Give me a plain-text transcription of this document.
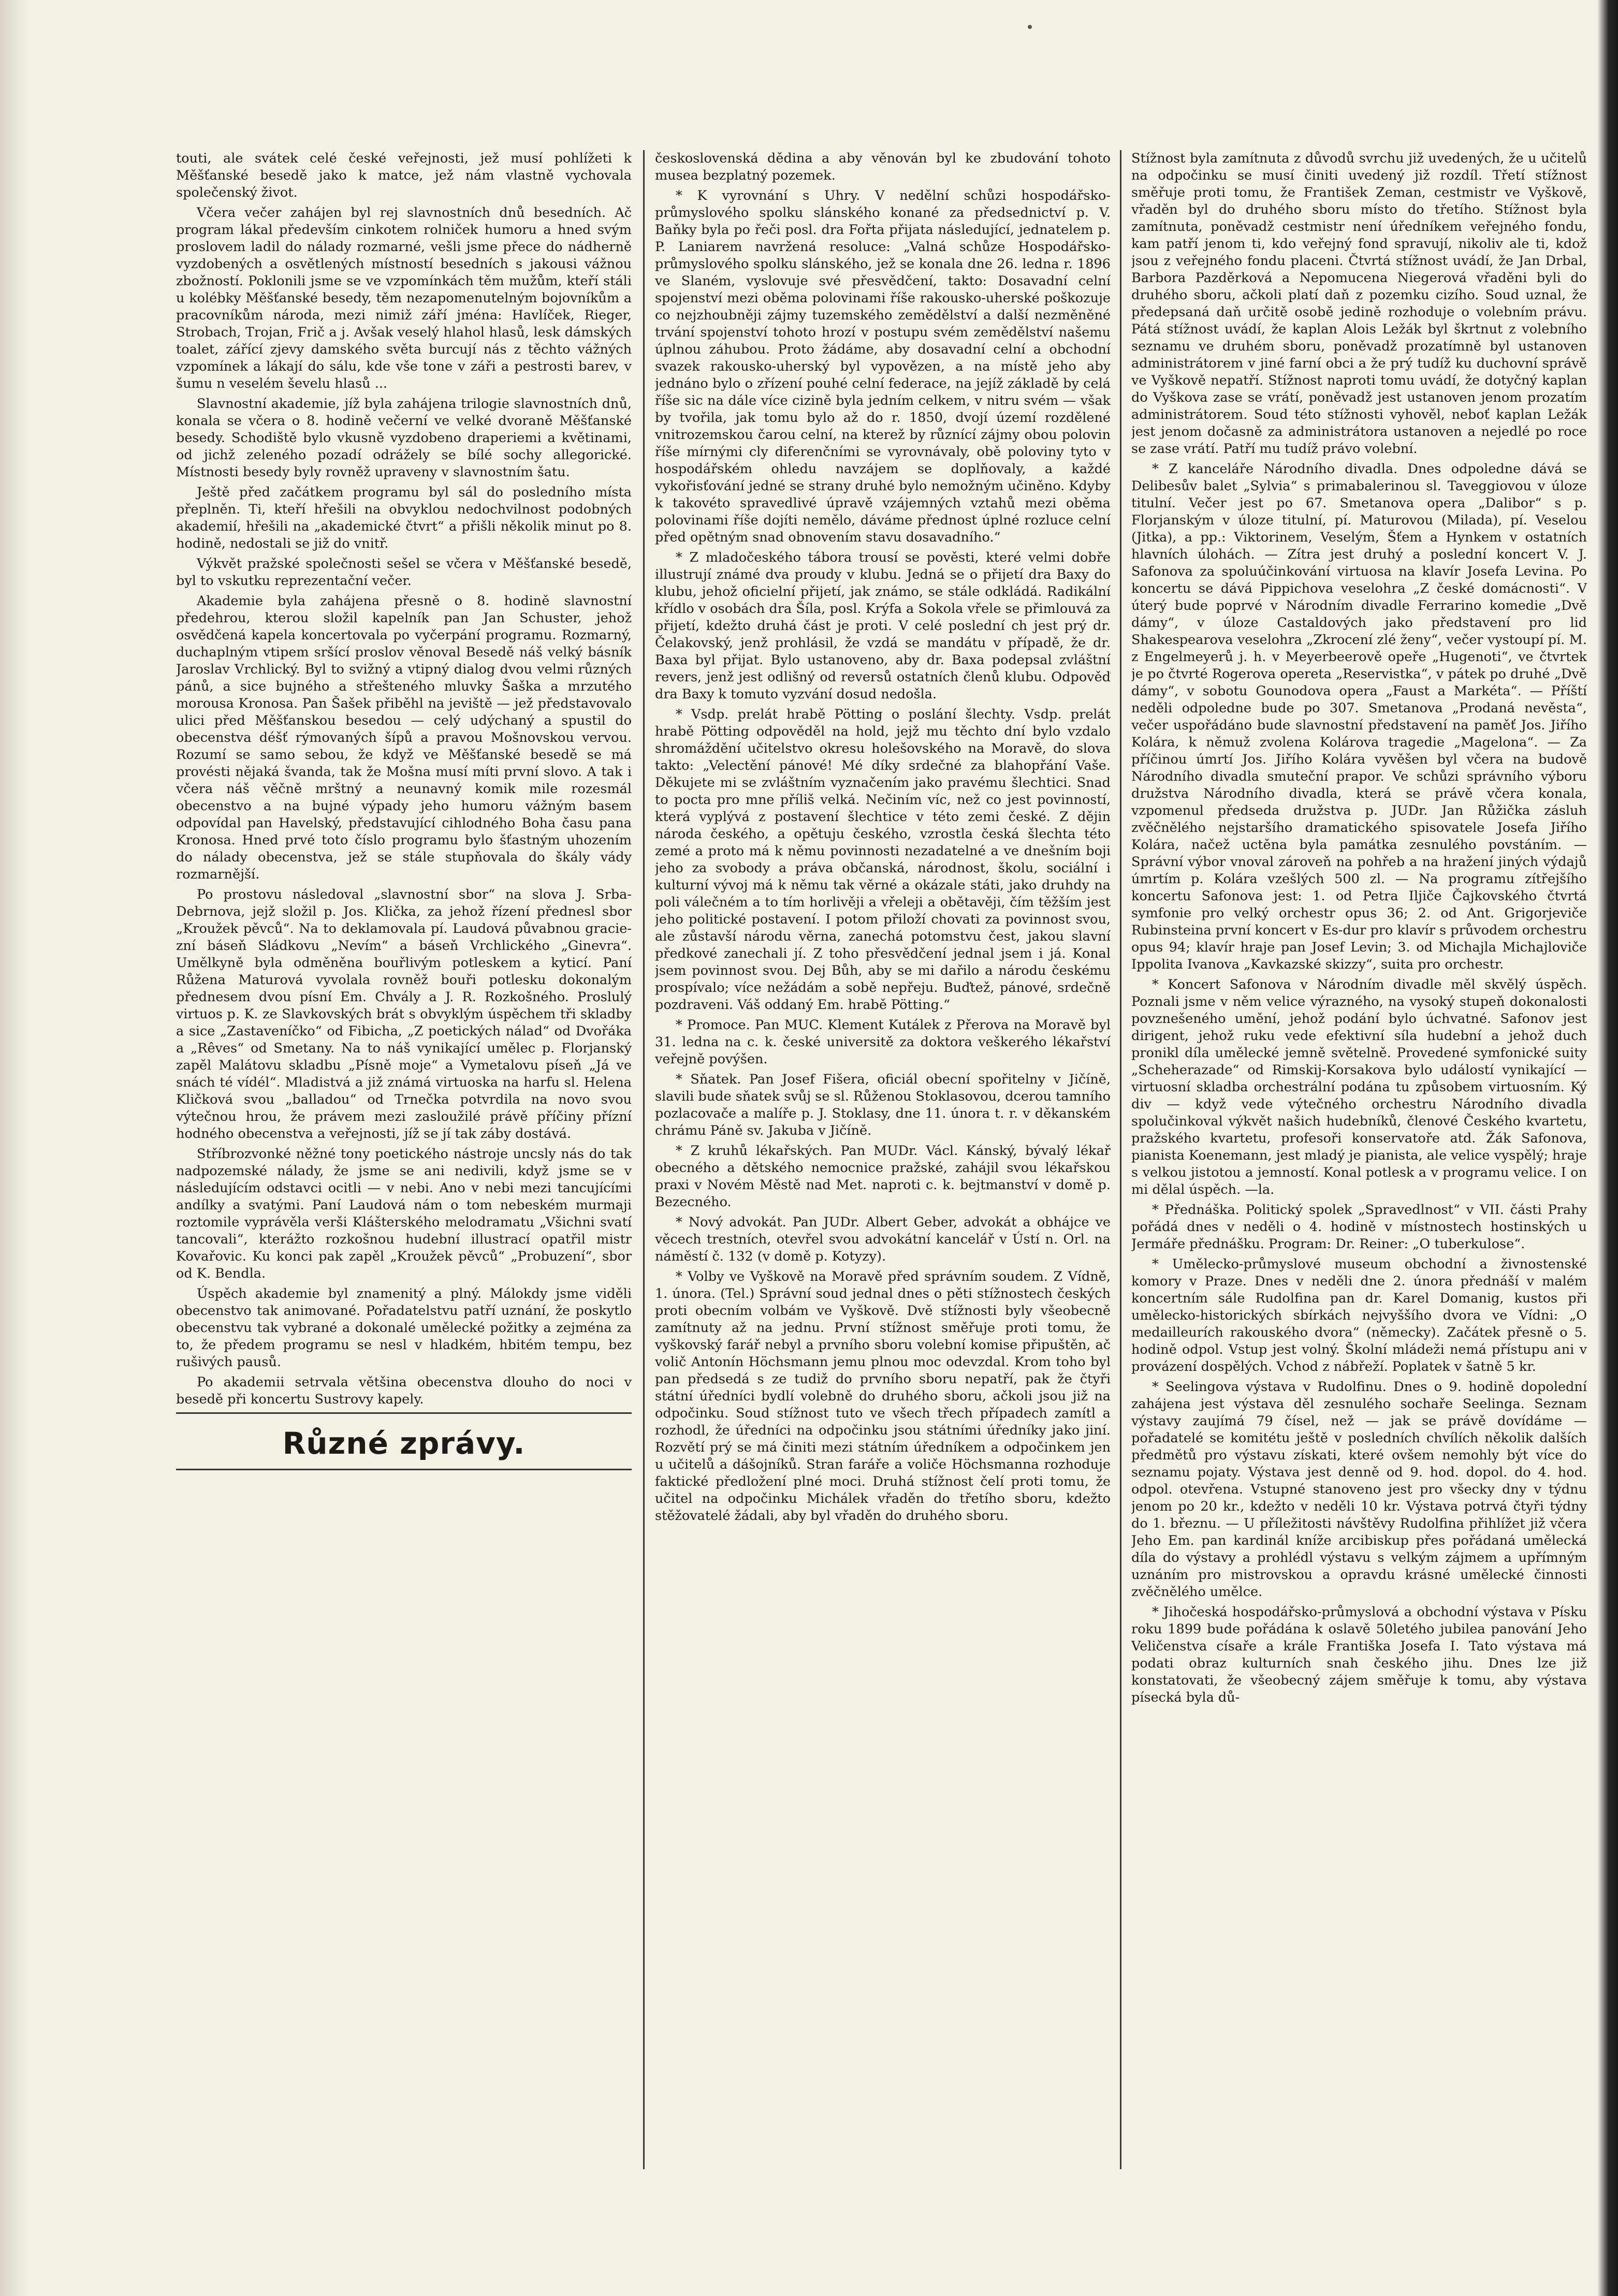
touti, ale svátek celé české veřejnosti, jež musí pohlížeti k Měšťanské besedě jako k matce, jež nám vlastně vychovala společenský život.

Včera večer zahájen byl rej slavnostních dnů besedních. Ač program lákal především cinkotem rolniček humoru a hned svým proslovem ladil do nálady rozmarné, vešli jsme přece do nádherně vyzdobených a osvětlených místností besedních s jakousi vážnou zbožností. Poklonili jsme se ve vzpomínkách těm mužům, kteří stáli u kolébky Měšťanské besedy, těm nezapomenutelným bojovníkům a pracovníkům národa, mezi nimiž září jména: Havlíček, Rieger, Strobach, Trojan, Frič a j. Avšak veselý hlahol hlasů, lesk dámských toalet, zářící zjevy damského světa burcují nás z těchto vážných vzpomínek a lákají do sálu, kde vše tone v záři a pestrosti barev, v šumu n veselém ševelu hlasů ...

Slavnostní akademie, jíž byla zahájena trilogie slavnostních dnů, konala se včera o 8. hodině večerní ve velké dvoraně Měšťanské besedy. Schodiště bylo vkusně vyzdobeno draperiemi a květinami, od jichž zeleného pozadí odrážely se bílé sochy allegorické. Místnosti besedy byly rovněž upraveny v slavnostním šatu.

Ještě před začátkem programu byl sál do posledního místa přeplněn. Ti, kteří hřešili na obvyklou nedochvilnost podobných akademií, hřešili na „akademické čtvrt“ a přišli několik minut po 8. hodině, nedostali se již do vnitř.

Výkvět pražské společnosti sešel se včera v Měšťanské besedě, byl to vskutku reprezentační večer.

Akademie byla zahájena přesně o 8. hodině slavnostní předehrou, kterou složil kapelník pan Jan Schuster, jehož osvědčená kapela koncertovala po vyčerpání programu. Rozmarný, duchaplným vtipem sršící proslov věnoval Besedě náš velký básník Jaroslav Vrchlický. Byl to svižný a vtipný dialog dvou velmi různých pánů, a sice bujného a střešteného mluvky Šaška a mrzutého morousa Kronosa. Pan Šašek přiběhl na jeviště — jež představovalo ulici před Měšťanskou besedou — celý udýchaný a spustil do obecenstva déšť rýmovaných šípů a pravou Mošnovskou vervou. Rozumí se samo sebou, že když ve Měšťanské besedě se má provésti nějaká švanda, tak že Mošna musí míti první slovo. A tak i včera náš věčně mrštný a neunavný komik mile rozesmál obecenstvo a na bujné výpady jeho humoru vážným basem odpovídal pan Havelský, představující cihlodného Boha času pana Kronosa. Hned prvé toto číslo programu bylo šťastným uhozením do nálady obecenstva, jež se stále stupňovala do škály vády rozmarnější.

Po prostovu následoval „slavnostní sbor“ na slova J. Srba-Debrnova, jejž složil p. Jos. Klička, za jehož řízení přednesl sbor „Kroužek pěvců“. Na to deklamovala pí. Laudová půvabnou graciezní báseň Sládkovu „Nevím“ a báseň Vrchlického „Ginevra“. Umělkyně byla odměněna bouřlivým potleskem a kyticí. Paní Růžena Maturová vyvolala rovněž bouři potlesku dokonalým přednesem dvou písní Em. Chvály a J. R. Rozkošného. Proslulý virtuos p. K. ze Slavkovských brát s obvyklým úspěchem tři skladby a sice „Zastaveníčko“ od Fibicha, „Z poetických nálad“ od Dvořáka a „Rêves“ od Smetany. Na to náš vynikající umělec p. Florjanský zapěl Malátovu skladbu „Písně moje“ a Vymetalovu píseň „Já ve snách té vídél“. Mladistvá a již známá virtuoska na harfu sl. Helena Kličková svou „balladou“ od Trnečka potvrdila na novo svou výtečnou hrou, že právem mezi zasloužilé právě příčiny přízní hodného obecenstva a veřejnosti, jíž se jí tak záby dostává.

Stříbrozvonké něžné tony poetického nástroje uncsly nás do tak nadpozemské nálady, že jsme se ani nedivili, když jsme se v následujícím odstavci ocitli — v nebi. Ano v nebi mezi tancujícími andílky a svatými. Paní Laudová nám o tom nebeském murmaji roztomile vyprávěla verši Klášterského melodramatu „Všichni svatí tancovali“, kterážto rozkošnou hudební illustrací opatřil mistr Kovařovic. Ku konci pak zapěl „Kroužek pěvců“ „Probuzení“, sbor od K. Bendla.

Úspěch akademie byl znamenitý a plný. Málokdy jsme viděli obecenstvo tak animované. Pořadatelstvu patří uznání, že poskytlo obecenstvu tak vybrané a dokonalé umělecké požitky a zejména za to, že předem programu se nesl v hladkém, hbitém tempu, bez rušivých pausů.

Po akademii setrvala většina obecenstva dlouho do noci v besedě při koncertu Sustrovy kapely.

Různé zprávy.

československá dědina a aby věnován byl ke zbudování tohoto musea bezplatný pozemek.

* K vyrovnání s Uhry. V nedělní schůzi hospodářsko-průmyslového spolku slánského konané za předsednictví p. V. Baňky byla po řeči posl. dra Fořta přijata následující, jednatelem p. P. Laniarem navržená resoluce: „Valná schůze Hospodářsko-průmyslového spolku slánského, jež se konala dne 26. ledna r. 1896 ve Slaném, vyslovuje své přesvědčení, takto: Dosavadní celní spojenství mezi oběma polovinami říše rakousko-uherské poškozuje co nejzhoubněji zájmy tuzemského zemědělství a další nezměněné trvání spojenství tohoto hrozí v postupu svém zemědělství našemu úplnou záhubou. Proto žádáme, aby dosavadní celní a obchodní svazek rakousko-uherský byl vypovězen, a na místě jeho aby jednáno bylo o zřízení pouhé celní federace, na jejíž základě by celá říše sic na dále více cizině byla jedním celkem, v nitru svém — však by tvořila, jak tomu bylo až do r. 1850, dvojí území rozdělené vnitrozemskou čarou celní, na kterež by různící zájmy obou polovin říše mírnými cly diferenčními se vyrovnávaly, obě poloviny tyto v hospodářském ohledu navzájem se doplňovaly, a každé vykořisťování jedné se strany druhé bylo nemožným učiněno. Kdyby k takovéto spravedlivé úpravě vzájemných vztahů mezi oběma polovinami říše dojíti nemělo, dáváme přednost úplné rozluce celní před opětným snad obnovením stavu dosavadního.“

* Z mladočeského tábora trousí se pověsti, které velmi dobře illustrují známé dva proudy v klubu. Jedná se o přijetí dra Baxy do klubu, jehož oficielní přijetí, jak známo, se stále odkládá. Radikální křídlo v osobách dra Šíla, posl. Krýfa a Sokola vřele se přimlouvá za přijetí, kdežto druhá část je proti. V celé poslední ch jest prý dr. Čelakovský, jenž prohlásil, že vzdá se mandátu v případě, že dr. Baxa byl přijat. Bylo ustanoveno, aby dr. Baxa podepsal zvláštní revers, jenž jest odlišný od reversů ostatních členů klubu. Odpověď dra Baxy k tomuto vyzvání dosud nedošla.

* Vsdp. prelát hrabě Pötting o poslání šlechty. Vsdp. prelát hrabě Pötting odpověděl na hold, jejž mu těchto dní bylo vzdalo shromáždění učitelstvo okresu holešovského na Moravě, do slova takto: „Velectění pánové! Mé díky srdečné za blahopřání Vaše. Děkujete mi se zvláštním vyznačením jako pravému šlechtici. Snad to pocta pro mne příliš velká. Nečiním víc, než co jest povinností, která vyplývá z postavení šlechtice v této zemi české. Z dějin národa českého, a opětuju českého, vzrostla česká šlechta této zemé a proto má k němu povinnosti nezadatelné a ve dnešním boji jeho za svobody a práva občanská, národnost, školu, sociální i kulturní vývoj má k němu tak věrné a okázale státi, jako druhdy na poli válečném a to tím horlivěji a vřeleji a obětavěji, čím těžším jest jeho politické postavení. I potom přiloží chovati za povinnost svou, ale zůstavší národu věrna, zanechá potomstvu čest, jakou slavní předkové zanechali jí. Z toho přesvědčení jednal jsem i já. Konal jsem povinnost svou. Dej Bůh, aby se mi dařilo a národu českému prospívalo; více nežádám a sobě nepřeju. Buďtež, pánové, srdečně pozdraveni. Váš oddaný Em. hrabě Pötting.“

* Promoce. Pan MUC. Klement Kutálek z Přerova na Moravě byl 31. ledna na c. k. české universitě za doktora veškerého lékařství veřejně povýšen.

* Sňatek. Pan Josef Fišera, oficiál obecní spořitelny v Jičíně, slavili bude sňatek svůj se sl. Růženou Stoklasovou, dcerou tamního pozlacovače a malíře p. J. Stoklasy, dne 11. února t. r. v děkanském chrámu Páně sv. Jakuba v Jičíně.

* Z kruhů lékařských. Pan MUDr. Václ. Kánský, bývalý lékař obecného a dětského nemocnice pražské, zahájil svou lékařskou praxi v Novém Městě nad Met. naproti c. k. bejtmanství v domě p. Bezecného.

* Nový advokát. Pan JUDr. Albert Geber, advokát a obhájce ve věcech trestních, otevřel svou advokátní kancelář v Ústí n. Orl. na náměstí č. 132 (v domě p. Kotyzy).

* Volby ve Vyškově na Moravě před správním soudem. Z Vídně, 1. února. (Tel.) Správní soud jednal dnes o pěti stížnostech českých proti obecním volbám ve Vyškově. Dvě stížnosti byly všeobecně zamítnuty až na jednu. První stížnost směřuje proti tomu, že vyškovský farář nebyl a prvního sboru volební komise připuštěn, ač volič Antonín Höchsmann jemu plnou moc odevzdal. Krom toho byl pan předsedá s ze tudiž do prvního sboru nepatří, pak že čtyři státní úředníci bydlí volebně do druhého sboru, ačkoli jsou již na odpočinku. Soud stížnost tuto ve všech třech případech zamítl a rozhodl, že úředníci na odpočinku jsou státními úředníky jako jiní. Rozvětí prý se má činiti mezi státním úředníkem a odpočinkem jen u učitelů a dášojníků. Stran faráře a voliče Höchsmanna rozhoduje faktické předložení plné moci. Druhá stížnost čelí proti tomu, že učitel na odpočinku Michálek vřaděn do třetího sboru, kdežto stěžovatelé žádali, aby byl vřaděn do druhého sboru.

Stížnost byla zamítnuta z důvodů svrchu již uvedených, že u učitelů na odpočinku se musí činiti uvedený již rozdíl. Třetí stížnost směřuje proti tomu, že František Zeman, cestmistr ve Vyškově, vřaděn byl do druhého sboru místo do třetího. Stížnost byla zamítnuta, poněvadž cestmistr není úředníkem veřejného fondu, kam patří jenom ti, kdo veřejný fond spravují, nikoliv ale ti, kdož jsou z veřejného fondu placeni. Čtvrtá stížnost uvádí, že Jan Drbal, Barbora Pazděrková a Nepomucena Niegerová vřaděni byli do druhého sboru, ačkoli platí daň z pozemku cizího. Soud uznal, že předepsaná daň určitě osobě jedině rozhoduje o volebním právu. Pátá stížnost uvádí, že kaplan Alois Ležák byl škrtnut z volebního seznamu ve druhém sboru, poněvadž prozatímně byl ustanoven administrátorem v jiné farní obci a že prý tudíž ku duchovní správě ve Vyškově nepatří. Stížnost naproti tomu uvádí, že dotyčný kaplan do Vyškova zase se vrátí, poněvadž jest ustanoven jenom prozatím administrátorem. Soud této stížnosti vyhověl, neboť kaplan Ležák jest jenom dočasně za administrátora ustanoven a nejedlé po roce se zase vrátí. Patří mu tudíž právo volební.

* Z kanceláře Národního divadla. Dnes odpoledne dává se Delibesův balet „Sylvia“ s primabalerinou sl. Taveggiovou v úloze titulní. Večer jest po 67. Smetanova opera „Dalibor“ s p. Florjanským v úloze titulní, pí. Maturovou (Milada), pí. Veselou (Jitka), a pp.: Viktorinem, Veselým, Šťem a Hynkem v ostatních hlavních úlohách. — Zítra jest druhý a poslední koncert V. J. Safonova za spoluúčinkování virtuosa na klavír Josefa Levina. Po koncertu se dává Pippichova veselohra „Z české domácnosti“. V úterý bude poprvé v Národním divadle Ferrarino komedie „Dvě dámy“, v úloze Castaldových jako představení pro lid Shakespearova veselohra „Zkrocení zlé ženy“, večer vystoupí pí. M. z Engelmeyerů j. h. v Meyerbeerově opeře „Hugenoti“, ve čtvrtek je po čtvrté Rogerova opereta „Reservistka“, v pátek po druhé „Dvě dámy“, v sobotu Gounodova opera „Faust a Markéta“. — Příští neděli odpoledne bude po 307. Smetanova „Prodaná nevěsta“, večer uspořádáno bude slavnostní představení na paměť Jos. Jiřího Kolára, k němuž zvolena Kolárova tragedie „Magelona“. — Za příčinou úmrtí Jos. Jiřího Kolára vyvěšen byl včera na budově Národního divadla smuteční prapor. Ve schůzi správního výboru družstva Národního divadla, která se právě včera konala, vzpomenul předseda družstva p. JUDr. Jan Růžička zásluh zvěčnělého nejstaršího dramatického spisovatele Josefa Jiřího Kolára, načež uctěna byla památka zesnulého povstáním. — Správní výbor vnoval zároveň na pohřeb a na hražení jiných výdajů úmrtím p. Kolára vzešlých 500 zl. — Na programu zítřejšího koncertu Safonova jest: 1. od Petra Iljiče Čajkovského čtvrtá symfonie pro velký orchestr opus 36; 2. od Ant. Grigorjeviče Rubinsteina první koncert v Es-dur pro klavír s průvodem orchestru opus 94; klavír hraje pan Josef Levin; 3. od Michajla Michajloviče Ippolita Ivanova „Kavkazské skizzy“, suita pro orchestr.

* Koncert Safonova v Národním divadle měl skvělý úspěch. Poznali jsme v něm velice výrazného, na vysoký stupeň dokonalosti povznešeného umění, jehož podání bylo úchvatné. Safonov jest dirigent, jehož ruku vede efektivní síla hudební a jehož duch pronikl díla umělecké jemně světelně. Provedené symfonické suity „Scheherazade“ od Rimskij-Korsakova bylo událostí vynikající — virtuosní skladba orchestrální podána tu způsobem virtuosním. Ký div — když vede výtečného orchestru Národního divadla spolučinkoval výkvět našich hudebníků, členové Českého kvartetu, pražského kvartetu, profesoři konservatoře atd. Žák Safonova, pianista Koenemann, jest mladý je pianista, ale velice vyspělý; hraje s velkou jistotou a jemností. Konal potlesk a v programu velice. I on mi dělal úspěch. —la.

* Přednáška. Politický spolek „Spravedlnost“ v VII. části Prahy pořádá dnes v neděli o 4. hodině v místnostech hostinských u Jermáře přednášku. Program: Dr. Reiner: „O tuberkulose“.

* Umělecko-průmyslové museum obchodní a živnostenské komory v Praze. Dnes v neděli dne 2. února přednáší v malém koncertním sále Rudolfina pan dr. Karel Domanig, kustos při umělecko-historických sbírkách nejvyššího dvora ve Vídni: „O medailleurích rakouského dvora“ (německy). Začátek přesně o 5. hodině odpol. Vstup jest volný. Školní mládeži nemá přístupu ani v provázení dospělých. Vchod z nábřeží. Poplatek v šatně 5 kr.

* Seelingova výstava v Rudolfinu. Dnes o 9. hodině dopolední zahájena jest výstava děl zesnulého sochaře Seelinga. Seznam výstavy zaujímá 79 čísel, než — jak se právě dovídáme — pořadatelé se komitétu ještě v posledních chvílích několik dalších předmětů pro výstavu získati, které ovšem nemohly být více do seznamu pojaty. Výstava jest denně od 9. hod. dopol. do 4. hod. odpol. otevřena. Vstupné stanoveno jest pro všecky dny v týdnu jenom po 20 kr., kdežto v neděli 10 kr. Výstava potrvá čtyři týdny do 1. březnu. — U příležitosti návštěvy Rudolfina přihlížet již včera Jeho Em. pan kardinál kníže arcibiskup přes pořádaná umělecká díla do výstavy a prohlédl výstavu s velkým zájmem a upřímným uznáním pro mistrovskou a opravdu krásné umělecké činnosti zvěčnělého umělce.

* Jihočeská hospodářsko-průmyslová a obchodní výstava v Písku roku 1899 bude pořádána k oslavě 50letého jubilea panování Jeho Veličenstva císaře a krále Františka Josefa I. Tato výstava má podati obraz kulturních snah českého jihu. Dnes lze již konstatovati, že všeobecný zájem směřuje k tomu, aby výstava písecká byla dů-
